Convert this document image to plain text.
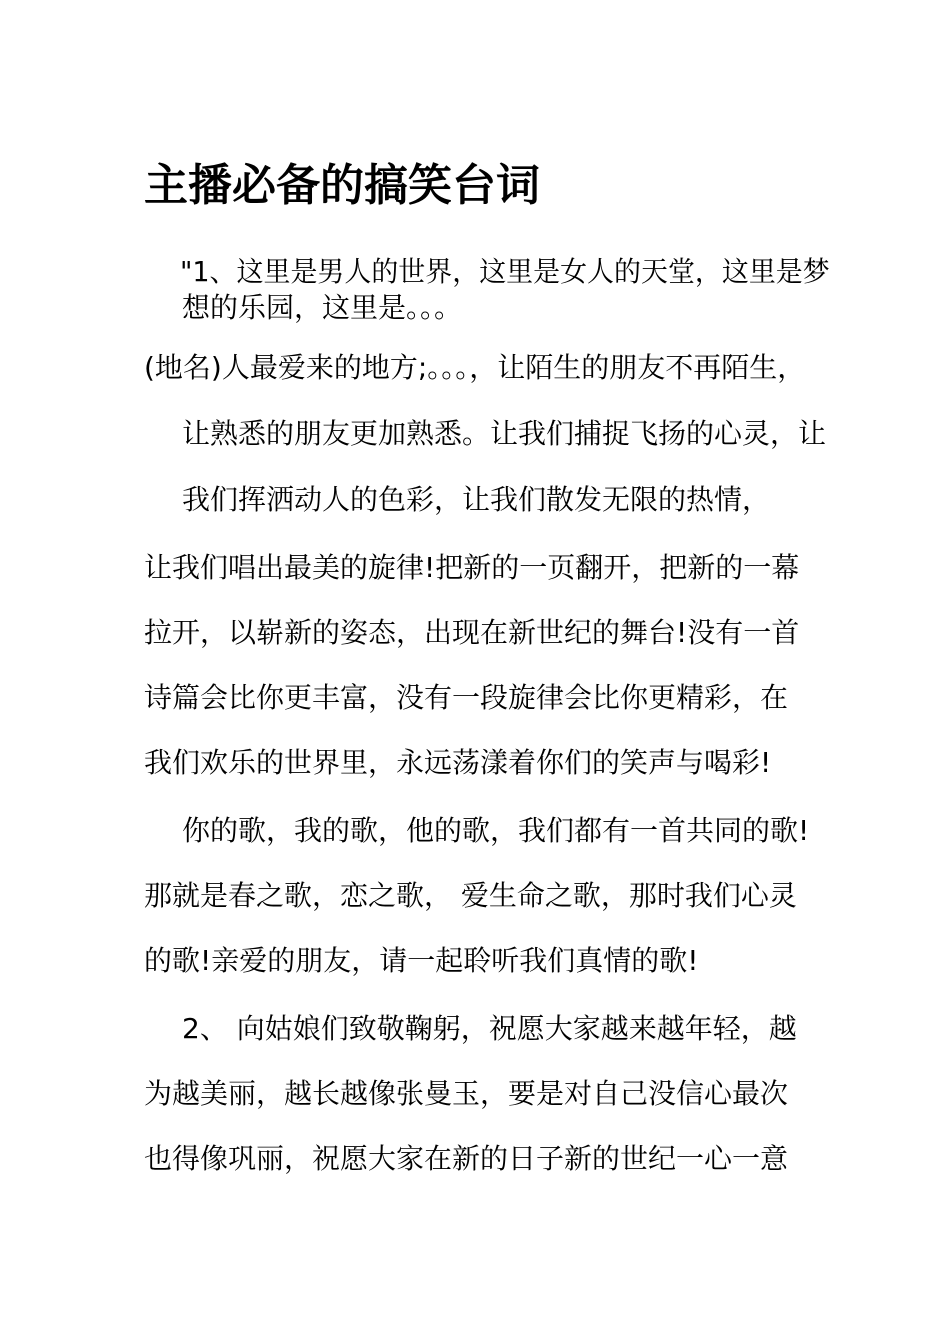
主播必备的搞笑台词
"1、这里是男人的世界，这里是女人的天堂，这里是梦
想的乐园，这里是。。。
(地名)人最爱来的地方;。。。，让陌生的朋友不再陌生，
让熟悉的朋友更加熟悉。让我们捕捉飞扬的心灵，让
我们挥洒动人的色彩，让我们散发无限的热情，
让我们唱出最美的旋律!把新的一页翻开，把新的一幕
拉开，以崭新的姿态，出现在新世纪的舞台!没有一首
诗篇会比你更丰富，没有一段旋律会比你更精彩，在
我们欢乐的世界里，永远荡漾着你们的笑声与喝彩!
你的歌，我的歌，他的歌，我们都有一首共同的歌!
那就是春之歌，恋之歌， 爱生命之歌，那时我们心灵
的歌!亲爱的朋友，请一起聆听我们真情的歌!
2、 向姑娘们致敬鞠躬，祝愿大家越来越年轻，越
为越美丽，越长越像张曼玉，要是对自己没信心最次
也得像巩丽，祝愿大家在新的日子新的世纪一心一意
